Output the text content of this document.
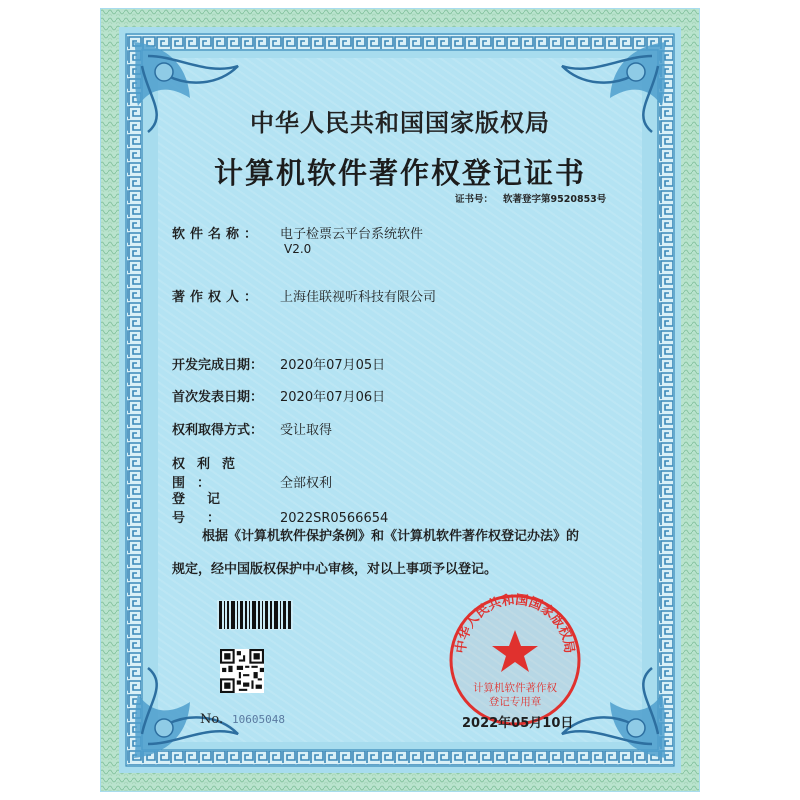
中华人民共和国国家版权局
计算机软件著作权登记证书
证书号： 软著登字第9520853号
软件名称： 电子检票云平台系统软件
V2.0
著作权人： 上海佳联视听科技有限公司
开发完成日期： 2020年07月05日
首次发表日期： 2020年07月06日
权利取得方式： 受让取得
权利范围：	全部权利
登记号：	2022SR0566654
根据《计算机软件保护条例》和《计算机软件著作权登记办法》的
规定，经中国版权保护中心审核，对以上事项予以登记。
No. 10605048
中华人民共和国国家版权局
计算机软件著作权
登记专用章
2022年05月10日
